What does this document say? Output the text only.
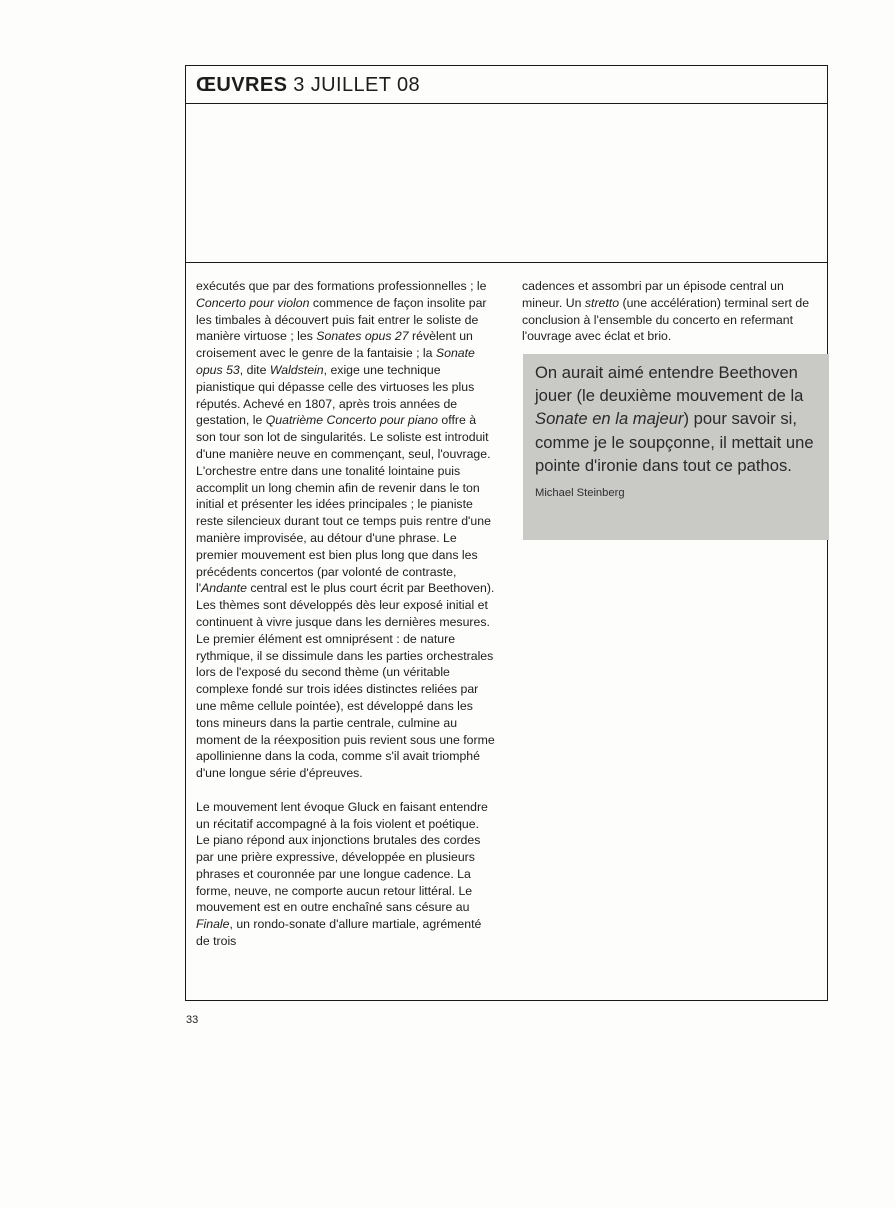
ŒUVRES 3 JUILLET 08

exécutés que par des formations professionnelles ; le Concerto pour violon commence de façon insolite par les timbales à découvert puis fait entrer le soliste de manière virtuose ; les Sonates opus 27 révèlent un croisement avec le genre de la fantaisie ; la Sonate opus 53, dite Waldstein, exige une technique pianistique qui dépasse celle des virtuoses les plus réputés. Achevé en 1807, après trois années de gestation, le Quatrième Concerto pour piano offre à son tour son lot de singularités. Le soliste est introduit d'une manière neuve en commençant, seul, l'ouvrage. L'orchestre entre dans une tonalité lointaine puis accomplit un long chemin afin de revenir dans le ton initial et présenter les idées principales ; le pianiste reste silencieux durant tout ce temps puis rentre d'une manière improvisée, au détour d'une phrase. Le premier mouvement est bien plus long que dans les précédents concertos (par volonté de contraste, l'Andante central est le plus court écrit par Beethoven). Les thèmes sont développés dès leur exposé initial et continuent à vivre jusque dans les dernières mesures. Le premier élément est omniprésent : de nature rythmique, il se dissimule dans les parties orchestrales lors de l'exposé du second thème (un véritable complexe fondé sur trois idées distinctes reliées par une même cellule pointée), est développé dans les tons mineurs dans la partie centrale, culmine au moment de la réexposition puis revient sous une forme apollinienne dans la coda, comme s'il avait triomphé d'une longue série d'épreuves.

Le mouvement lent évoque Gluck en faisant entendre un récitatif accompagné à la fois violent et poétique. Le piano répond aux injonctions brutales des cordes par une prière expressive, développée en plusieurs phrases et couronnée par une longue cadence. La forme, neuve, ne comporte aucun retour littéral. Le mouvement est en outre enchaîné sans césure au Finale, un rondo-sonate d'allure martiale, agrémenté de trois

cadences et assombri par un épisode central un mineur. Un stretto (une accélération) terminal sert de conclusion à l'ensemble du concerto en refermant l'ouvrage avec éclat et brio.

On aurait aimé entendre Beethoven jouer (le deuxième mouvement de la Sonate en la majeur) pour savoir si, comme je le soupçonne, il mettait une pointe d'ironie dans tout ce pathos.
Michael Steinberg
33
